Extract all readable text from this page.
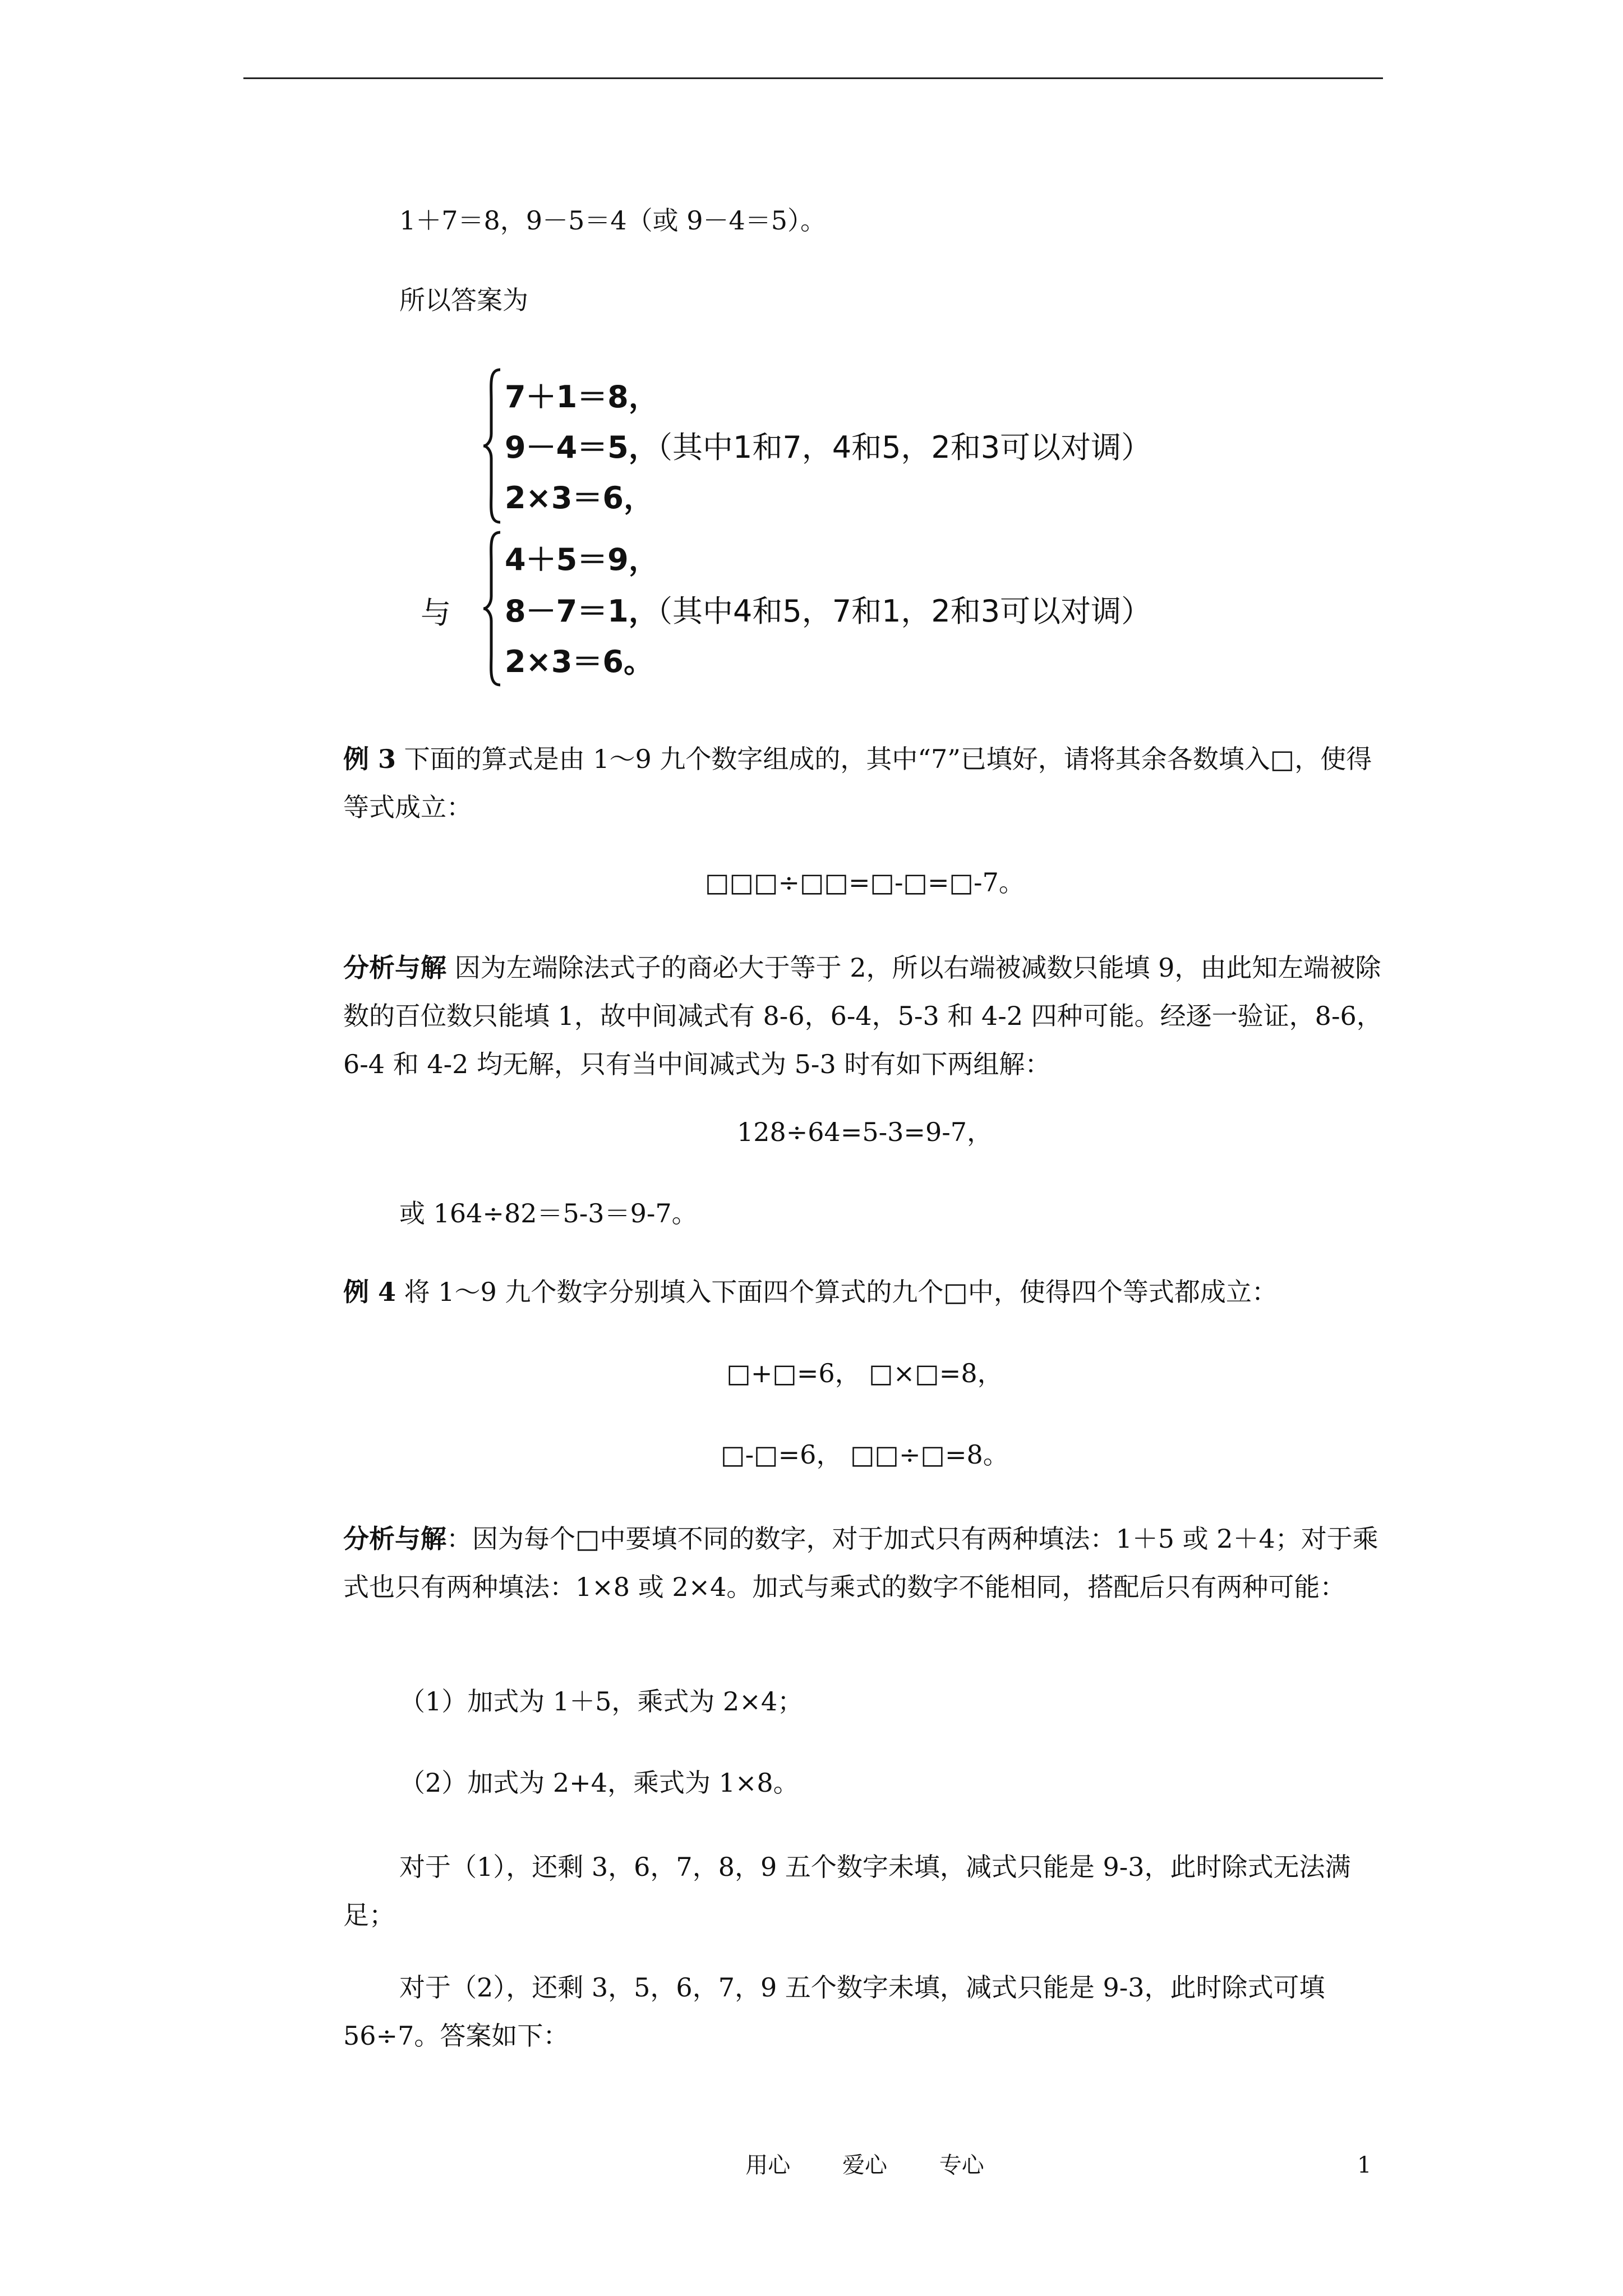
1＋7＝8，9－5＝4（或 9－4＝5）。
所以答案为
7＋1＝8，
9－4＝5，
（其中1和7，4和5，2和3可以对调）
2×3＝6，
与
4＋5＝9，
8－7＝1，
（其中4和5，7和1，2和3可以对调）
2×3＝6。
例 3 下面的算式是由 1～9 九个数字组成的，其中“7”已填好，请将其余各数填入□，使得等式成立：
□□□÷□□=□-□=□-7。
分析与解 因为左端除法式子的商必大于等于 2，所以右端被减数只能填 9，由此知左端被除数的百位数只能填 1，故中间减式有 8-6，6-4，5-3 和 4-2 四种可能。经逐一验证，8-6，6-4 和 4-2 均无解，只有当中间减式为 5-3 时有如下两组解：
128÷64=5-3=9-7，
或 164÷82＝5-3＝9-7。
例 4 将 1～9 九个数字分别填入下面四个算式的九个□中，使得四个等式都成立：
□+□=6， □×□=8，
□-□=6， □□÷□=8。
分析与解：因为每个□中要填不同的数字，对于加式只有两种填法：1＋5 或 2＋4；对于乘式也只有两种填法：1×8 或 2×4。加式与乘式的数字不能相同，搭配后只有两种可能：
（1）加式为 1＋5，乘式为 2×4；
（2）加式为 2+4，乘式为 1×8。
对于（1），还剩 3，6，7，8，9 五个数字未填，减式只能是 9-3，此时除式无法满足；
对于（2），还剩 3，5，6，7，9 五个数字未填，减式只能是 9-3，此时除式可填 56÷7。答案如下：
用心 爱心 专心	1
